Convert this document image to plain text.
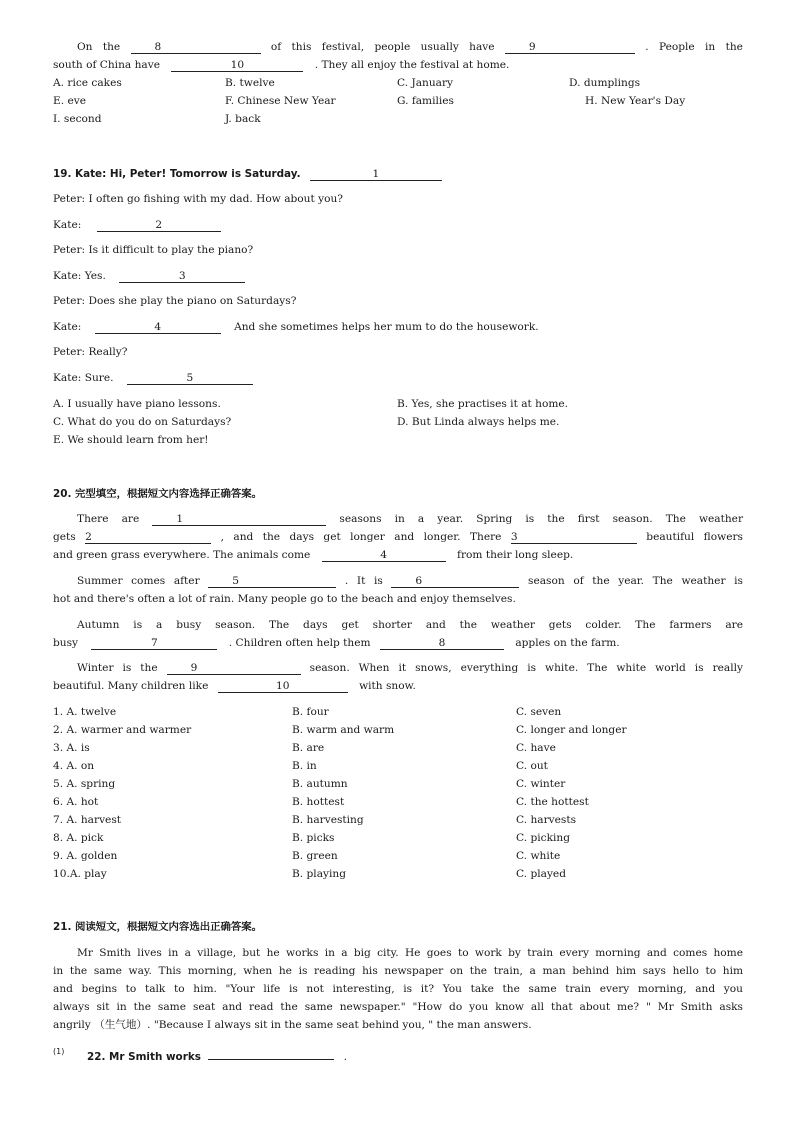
On the	8	of this festival, people usually have	9	. People in the
south of China have	10	. They all enjoy the festival at home.
A. rice cakes	B. twelve	C. January	D. dumplings
E. eve	F. Chinese New Year	G. families	H. New Year's Day
I. second	J. back
19. Kate: Hi, Peter! Tomorrow is Saturday.	1
Peter: I often go fishing with my dad. How about you?
Kate:	2
Peter: Is it difficult to play the piano?
Kate: Yes.	3
Peter: Does she play the piano on Saturdays?
Kate:	4	And she sometimes helps her mum to do the housework.
Peter: Really?
Kate: Sure.	5
A. I usually have piano lessons.	B. Yes, she practises it at home.
C. What do you do on Saturdays?	D. But Linda always helps me.
E. We should learn from her!
20. 完型填空，根据短文内容选择正确答案。
There are	1	seasons in a year. Spring is the first season. The weather
gets 2	, and the days get longer and longer. There 3	beautiful flowers
and green grass everywhere. The animals come	4	from their long sleep.
Summer comes after	5	. It is	6	season of the year. The weather is
hot and there's often a lot of rain. Many people go to the beach and enjoy themselves.
Autumn is a busy season. The days get shorter and the weather gets colder. The farmers are
busy	7	. Children often help them	8	apples on the farm.
Winter is the	9	season. When it snows, everything is white. The white world is really
beautiful. Many children like	10	with snow.
1. A. twelve	B. four	C. seven
2. A. warmer and warmer	B. warm and warm	C. longer and longer
3. A. is	B. are	C. have
4. A. on	B. in	C. out
5. A. spring	B. autumn	C. winter
6. A. hot	B. hottest	C. the hottest
7. A. harvest	B. harvesting	C. harvests
8. A. pick	B. picks	C. picking
9. A. golden	B. green	C. white
10.A. play	B. playing	C. played
21. 阅读短文，根据短文内容选出正确答案。
Mr Smith lives in a village, but he works in a big city. He goes to work by train every morning and comes home
in the same way. This morning, when he is reading his newspaper on the train, a man behind him says hello to him
and begins to talk to him. "Your life is not interesting, is it? You take the same train every morning, and you
always sit in the same seat and read the same newspaper." "How do you know all that about me? " Mr Smith asks
angrily （生气地）. "Because I always sit in the same seat behind you, " the man answers.
(1) 22. Mr Smith works	.
